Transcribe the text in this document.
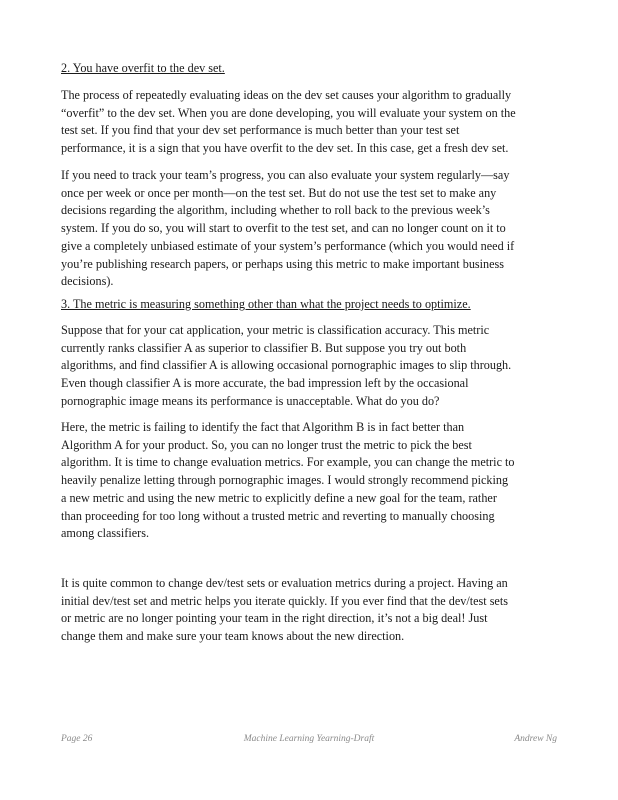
2. You have overfit to the dev set.

The process of repeatedly evaluating ideas on the dev set causes your algorithm to gradually
“overfit” to the dev set. When you are done developing, you will evaluate your system on the
test set. If you find that your dev set performance is much better than your test set
performance, it is a sign that you have overfit to the dev set. In this case, get a fresh dev set.

If you need to track your team’s progress, you can also evaluate your system regularly—say
once per week or once per month—on the test set. But do not use the test set to make any
decisions regarding the algorithm, including whether to roll back to the previous week’s
system. If you do so, you will start to overfit to the test set, and can no longer count on it to
give a completely unbiased estimate of your system’s performance (which you would need if
you’re publishing research papers, or perhaps using this metric to make important business
decisions).

3. The metric is measuring something other than what the project needs to optimize.

Suppose that for your cat application, your metric is classification accuracy. This metric
currently ranks classifier A as superior to classifier B. But suppose you try out both
algorithms, and find classifier A is allowing occasional pornographic images to slip through.
Even though classifier A is more accurate, the bad impression left by the occasional
pornographic image means its performance is unacceptable. What do you do?

Here, the metric is failing to identify the fact that Algorithm B is in fact better than
Algorithm A for your product. So, you can no longer trust the metric to pick the best
algorithm. It is time to change evaluation metrics. For example, you can change the metric to
heavily penalize letting through pornographic images. I would strongly recommend picking
a new metric and using the new metric to explicitly define a new goal for the team, rather
than proceeding for too long without a trusted metric and reverting to manually choosing
among classifiers.

It is quite common to change dev/test sets or evaluation metrics during a project. Having an
initial dev/test set and metric helps you iterate quickly. If you ever find that the dev/test sets
or metric are no longer pointing your team in the right direction, it’s not a big deal! Just
change them and make sure your team knows about the new direction.

Machine Learning Yearning-Draft
Page 26	Andrew Ng
